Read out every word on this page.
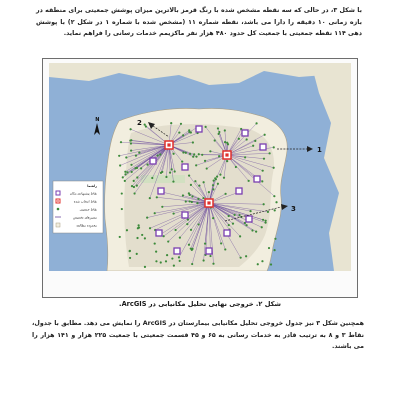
با شکل ۳، در حالی که سه نقطه مشخص شده با رنگ قرمز بالاترین میزان پوشش جمعیتی برای منطقه در بازه زمانی ۱۰ دقیقه را دارا می باشد، نقطه شماره ۱۱ (مشخص شده با شماره ۱ در شکل ۲) با پوشش دهی ۱۱۴ نقطه جمعیتی با جمعیت کل حدود ۴۸۰ هزار نفر ماکزیمم خدمات رسانی را فراهم نماید.
N
1
2
3
راهنما
نقاط پیشنهادی مکان
نقاط انتخاب شده
نقاط جمعیتی
مسیرهای تخصیص
محدوده مطالعه
شکل ۲. خروجی نهایی تحلیل مکانیابی در ArcGIS.
همچنین شکل ۳ نیز جدول خروجی تحلیل مکانیابی بیمارستان در ArcGIS را نمایش می دهد. مطابق با جدول، نقاط ۳ و ۸ به ترتیب قادر به خدمات رسانی به ۶۵ و ۴۵ قسمت جمعیتی با جمعیت ۲۲۵ هزار و ۱۴۱ هزار را می باشند.
